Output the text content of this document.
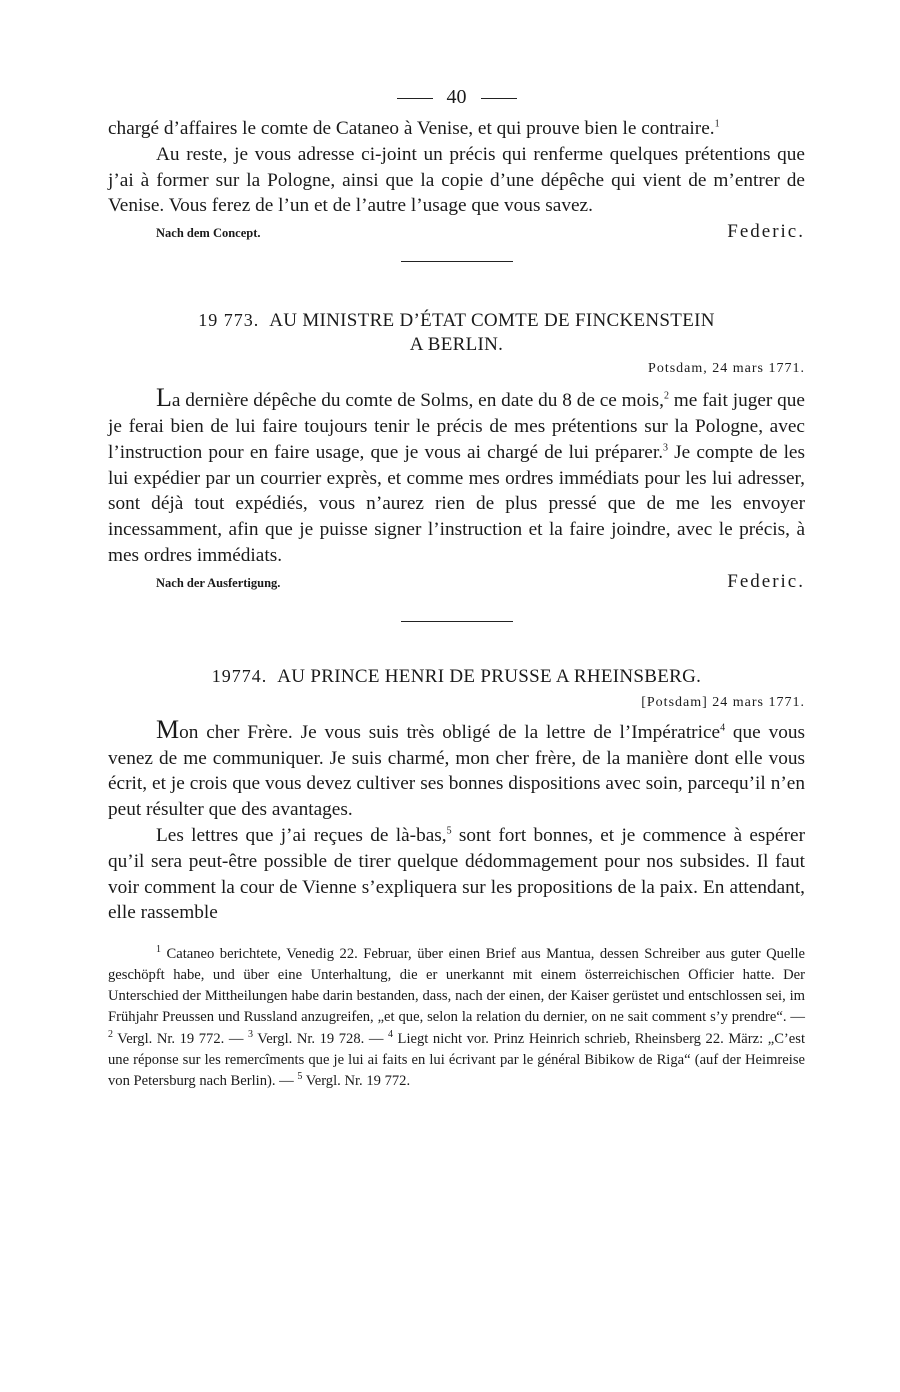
40

chargé d’affaires le comte de Cataneo à Venise, et qui prouve bien le contraire.$^1$

Au reste, je vous adresse ci-joint un précis qui renferme quelques prétentions que j’ai à former sur la Pologne, ainsi que la copie d’une dépêche qui vient de m’entrer de Venise. Vous ferez de l’un et de l’autre l’usage que vous savez.

Nach dem Concept.	Federic.
19 773. AU MINISTRE D’ÉTAT COMTE DE FINCKENSTEIN
A BERLIN.
Potsdam, 24 mars 1771.

La dernière dépêche du comte de Solms, en date du 8 de ce mois,$^2$ me fait juger que je ferai bien de lui faire toujours tenir le précis de mes prétentions sur la Pologne, avec l’instruction pour en faire usage, que je vous ai chargé de lui préparer.$^3$ Je compte de les lui expédier par un courrier exprès, et comme mes ordres immédiats pour les lui adresser, sont déjà tout expédiés, vous n’aurez rien de plus pressé que de me les envoyer incessamment, afin que je puisse signer l’instruction et la faire joindre, avec le précis, à mes ordres immédiats.

Nach der Ausfertigung.	Federic.
19774. AU PRINCE HENRI DE PRUSSE A RHEINSBERG.
[Potsdam] 24 mars 1771.

Mon cher Frère. Je vous suis très obligé de la lettre de l’Impératrice$^4$ que vous venez de me communiquer. Je suis charmé, mon cher frère, de la manière dont elle vous écrit, et je crois que vous devez cultiver ses bonnes dispositions avec soin, parcequ’il n’en peut résulter que des avantages.

Les lettres que j’ai reçues de là-bas,$^5$ sont fort bonnes, et je commence à espérer qu’il sera peut-être possible de tirer quelque dédommagement pour nos subsides. Il faut voir comment la cour de Vienne s’expliquera sur les propositions de la paix. En attendant, elle rassemble

$^1$ Cataneo berichtete, Venedig 22. Februar, über einen Brief aus Mantua, dessen Schreiber aus guter Quelle geschöpft habe, und über eine Unterhaltung, die er unerkannt mit einem österreichischen Officier hatte. Der Unterschied der Mittheilungen habe darin bestanden, dass, nach der einen, der Kaiser gerüstet und entschlossen sei, im Frühjahr Preussen und Russland anzugreifen, „et que, selon la relation du dernier, on ne sait comment s’y prendre“. — $^2$ Vergl. Nr. 19 772. — $^3$ Vergl. Nr. 19 728. — $^4$ Liegt nicht vor. Prinz Heinrich schrieb, Rheinsberg 22. März: „C’est une réponse sur les remercîments que je lui ai faits en lui écrivant par le général Bibikow de Riga“ (auf der Heimreise von Petersburg nach Berlin). — $^5$ Vergl. Nr. 19 772.
